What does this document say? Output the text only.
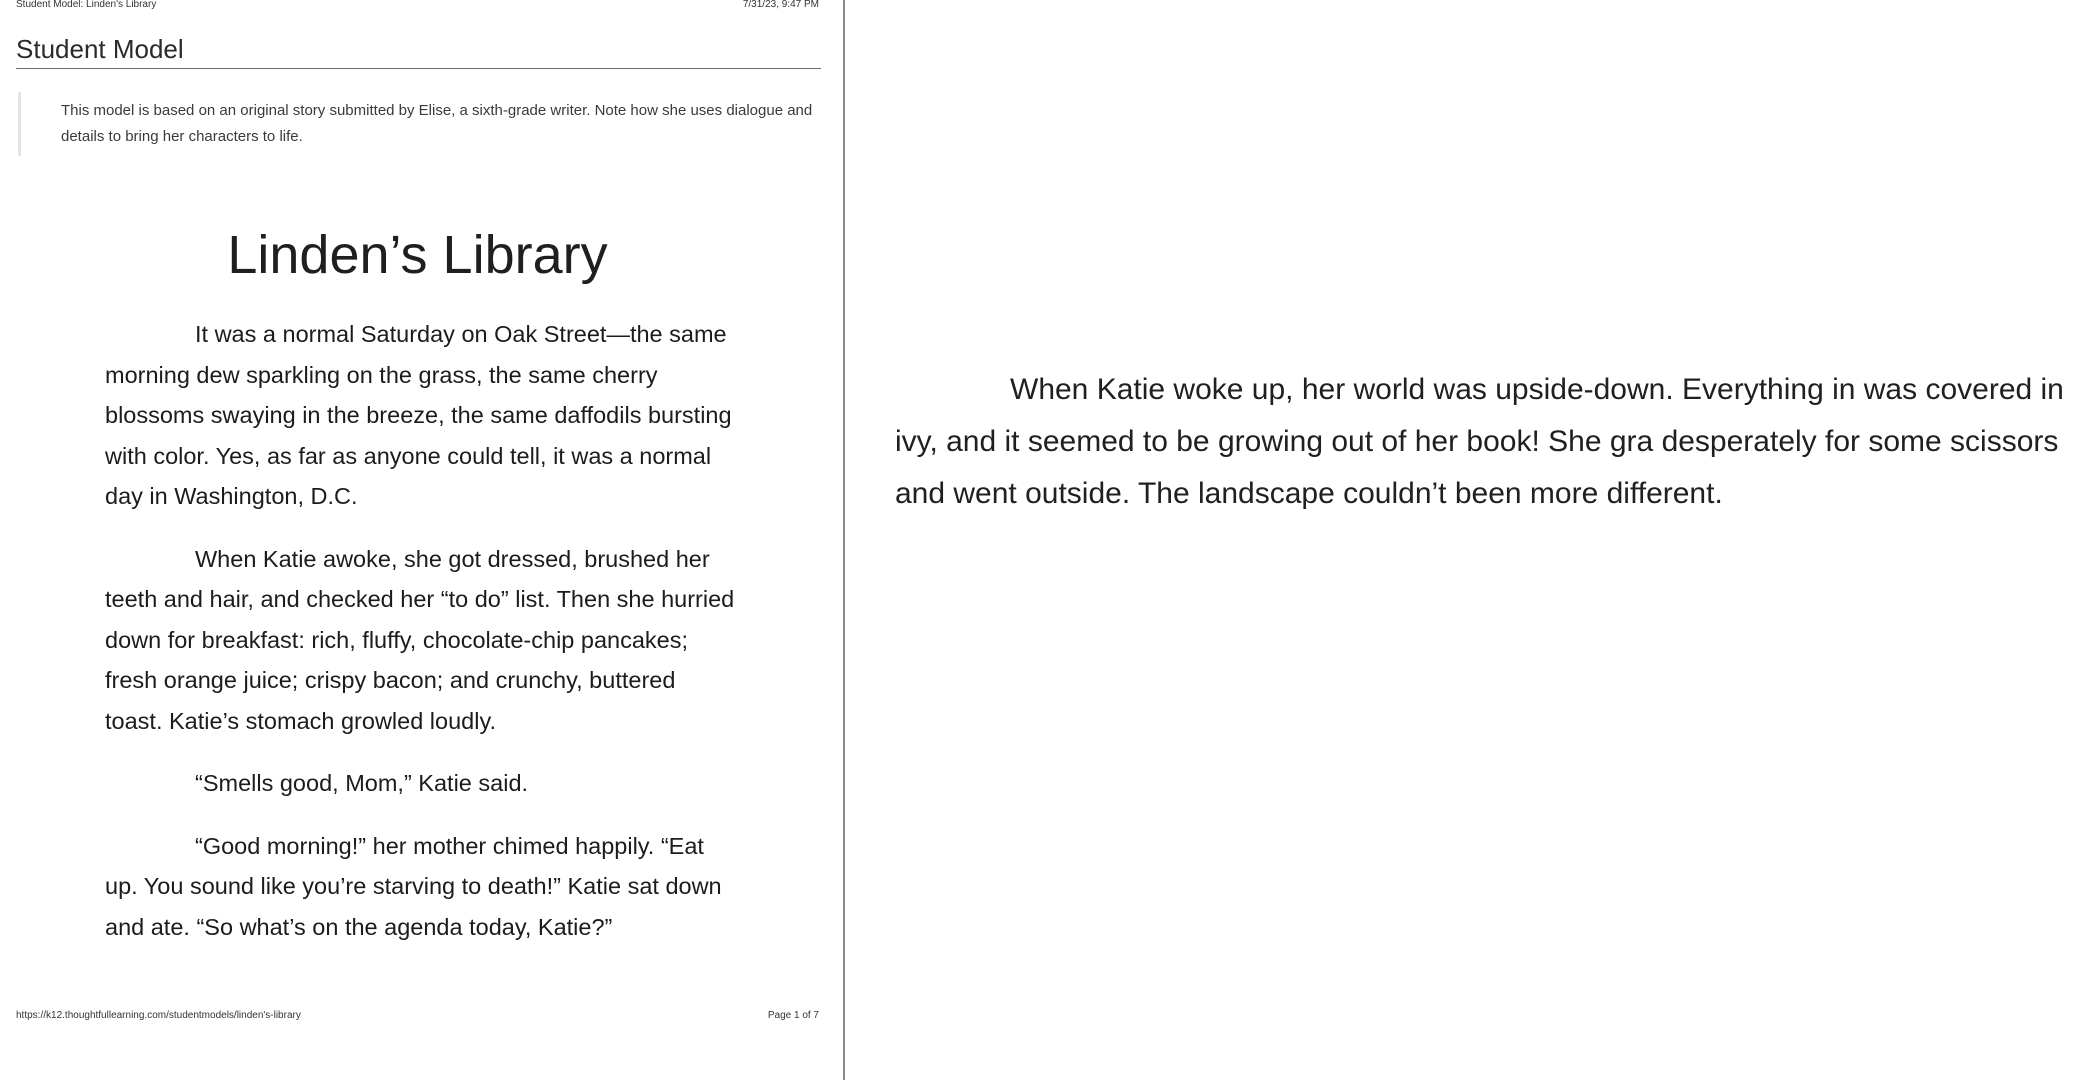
Student Model: Linden's Library	7/31/23, 9:47 PM
Student Model
This model is based on an original story submitted by Elise, a sixth-grade writer. Note how she uses dialogue and details to bring her characters to life.
Linden’s Library

It was a normal Saturday on Oak Street—the same morning dew sparkling on the grass, the same cherry blossoms swaying in the breeze, the same daffodils bursting with color. Yes, as far as anyone could tell, it was a normal day in Washington, D.C.

When Katie awoke, she got dressed, brushed her teeth and hair, and checked her “to do” list. Then she hurried down for breakfast: rich, fluffy, chocolate-chip pancakes; fresh orange juice; crispy bacon; and crunchy, buttered toast. Katie’s stomach growled loudly.

“Smells good, Mom,” Katie said.

“Good morning!” her mother chimed happily. “Eat up. You sound like you’re starving to death!” Katie sat down and ate. “So what’s on the agenda today, Katie?”

https://k12.thoughtfullearning.com/studentmodels/linden's-library	Page 1 of 7

When Katie woke up, her world was upside-down. Everything in was covered in ivy, and it seemed to be growing out of her book! She gra desperately for some scissors and went outside. The landscape couldn’t been more different.
